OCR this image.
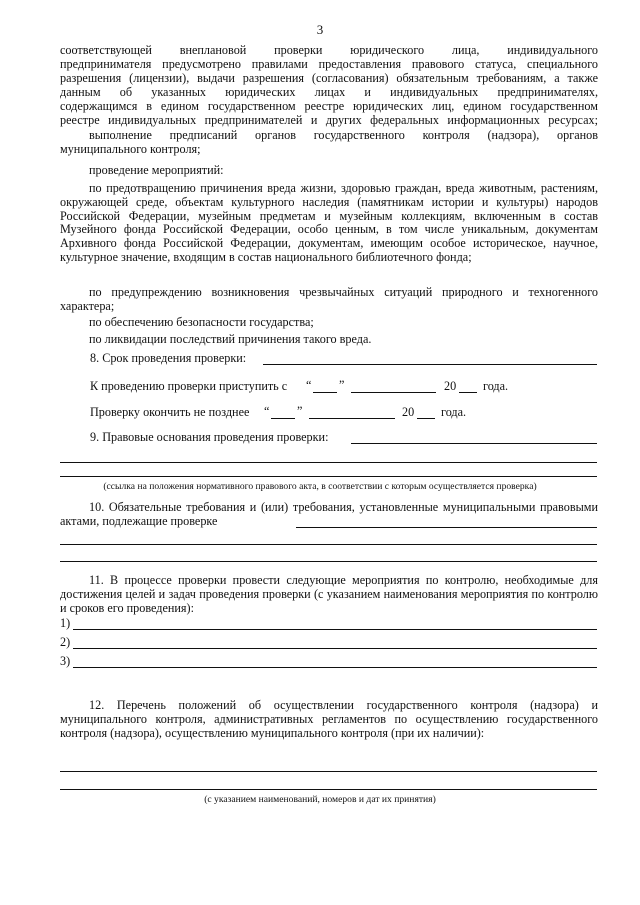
3
соответствующей внеплановой проверки юридического лица, индивидуального
предпринимателя предусмотрено правилами предоставления правового статуса, специального
разрешения (лицензии), выдачи разрешения (согласования) обязательным требованиям, а также
данным об указанных юридических лицах и индивидуальных предпринимателях,
содержащимся в едином государственном реестре юридических лиц, едином государственном
реестре индивидуальных предпринимателей и других федеральных информационных ресурсах;
выполнение предписаний органов государственного контроля (надзора), органов муниципального контроля;
проведение мероприятий:
по предотвращению причинения вреда жизни, здоровью граждан, вреда животным, растениям, окружающей среде, объектам культурного наследия (памятникам истории и культуры) народов Российской Федерации, музейным предметам и музейным коллекциям, включенным в состав Музейного фонда Российской Федерации, особо ценным, в том числе уникальным, документам Архивного фонда Российской Федерации, документам, имеющим особое историческое, научное, культурное значение, входящим в состав национального библиотечного фонда;
по предупреждению возникновения чрезвычайных ситуаций природного и техногенного характера;
по обеспечению безопасности государства;
по ликвидации последствий причинения такого вреда.
8. Срок проведения проверки:
К проведению проверки приступить с “ ”	20 года.
Проверку окончить не позднее “ ”	20 года.
9. Правовые основания проведения проверки:
(ссылка на положения нормативного правового акта, в соответствии с которым осуществляется проверка)
10. Обязательные требования и (или) требования, установленные муниципальными правовыми актами, подлежащие проверке
11. В процессе проверки провести следующие мероприятия по контролю, необходимые для достижения целей и задач проведения проверки (с указанием наименования мероприятия по контролю и сроков его проведения):
1)
2)
3)
12. Перечень положений об осуществлении государственного контроля (надзора) и муниципального контроля, административных регламентов по осуществлению государственного контроля (надзора), осуществлению муниципального контроля (при их наличии):
(с указанием наименований, номеров и дат их принятия)
